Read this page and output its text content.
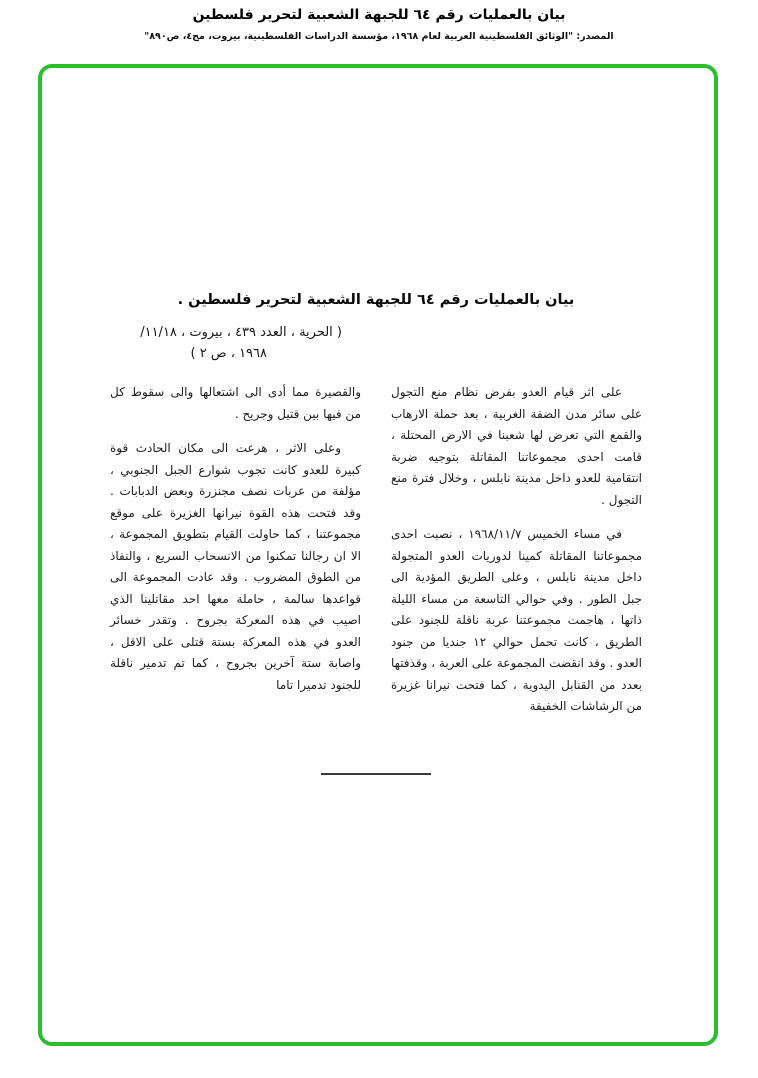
بيان بالعمليات رقم ٦٤ للجبهة الشعبية لتحرير فلسطين
المصدر: "الوثائق الفلسطينية العربية لعام ١٩٦٨، مؤسسة الدراسات الفلسطينية، بيروت، مج٤، ص٨٩٠"
بيان بالعمليات رقم ٦٤ للجبهة الشعبية لتحرير فلسطين .
( الحرية ، العدد ٤٣٩ ، بيروت ، ١١/١٨/
١٩٦٨ ، ص ٢ )

على اثر قيام العدو بفرض نظام منع التجول على سائر مدن الضفة الغربية ، بعد حملة الارهاب والقمع التي تعرض لها شعبنا في الارض المحتلة ، قامت احدى مجموعاتنا المقاتلة بتوجيه ضربة انتقامية للعدو داخل مدينة نابلس ، وخلال فترة منع التجول .

في مساء الخميس ١٩٦٨/١١/٧ ، نصبت احدى مجموعاتنا المقاتلة كمينا لدوريات العدو المتجولة داخل مدينة نابلس ، وعلى الطريق المؤدية الى جبل الطور . وفي حوالي التاسعة من مساء الليلة ذاتها ، هاجمت مجموعتنا عربة ناقلة للجنود على الطريق ، كانت تحمل حوالي ١٢ جنديا من جنود العدو . وقد انقضت المجموعة على العربة ، وقذفتها بعدد من القنابل اليدوية ، كما فتحت نيرانا غزيرة من الرشاشات الخفيفة

والقصيرة مما أدى الى اشتعالها والى سقوط كل من فيها بين قتيل وجريح .

وعلى الاثر ، هرعت الى مكان الحادث قوة كبيرة للعدو كانت تجوب شوارع الجبل الجنوبي ، مؤلفة من عربات نصف مجنزرة وبعض الدبابات . وقد فتحت هذه القوة نيرانها الغزيرة على موقع مجموعتنا ، كما حاولت القيام بتطويق المجموعة ، الا ان رجالنا تمكنوا من الانسحاب السريع ، والنفاذ من الطوق المضروب . وقد عادت المجموعة الى قواعدها سالمة ، حاملة معها احد مقاتلينا الذي اصيب في هذه المعركة بجروح . وتقدر خسائر العدو في هذه المعركة بستة قتلى على الاقل ، واصابة ستة آخرين بجروح ، كما تم تدمير ناقلة للجنود تدميرا تاما
